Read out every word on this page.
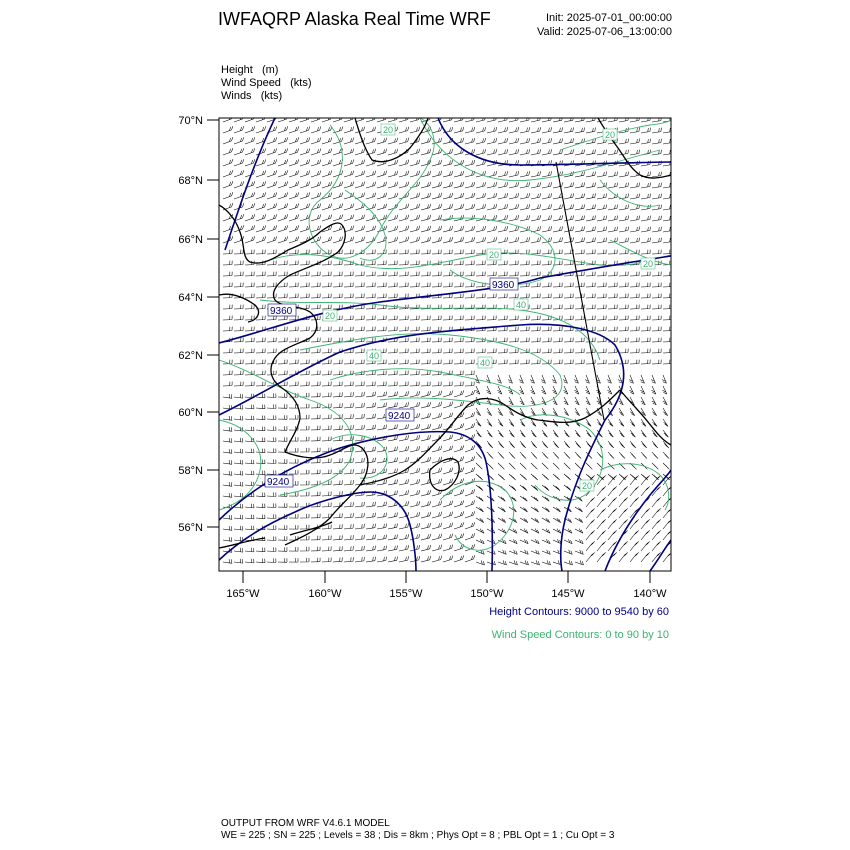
IWFAQRP Alaska Real Time WRF	Init: 2025-07-01_00:00:00
Valid: 2025-07-06_13:00:00
Height   (m)
Wind Speed   (kts)
Winds   (kts)
70°N
68°N
66°N
64°N
62°N
60°N
58°N
56°N
165°W	160°W	155°W	150°W	145°W	140°W
9360
9360
9240
9240
20	20
20
20
20
40
40
40
20
Height Contours: 9000 to 9540 by 60
Wind Speed Contours: 0 to 90 by 10
OUTPUT FROM WRF V4.6.1 MODEL
WE = 225 ; SN = 225 ; Levels = 38 ; Dis = 8km ; Phys Opt = 8 ; PBL Opt = 1 ; Cu Opt = 3
